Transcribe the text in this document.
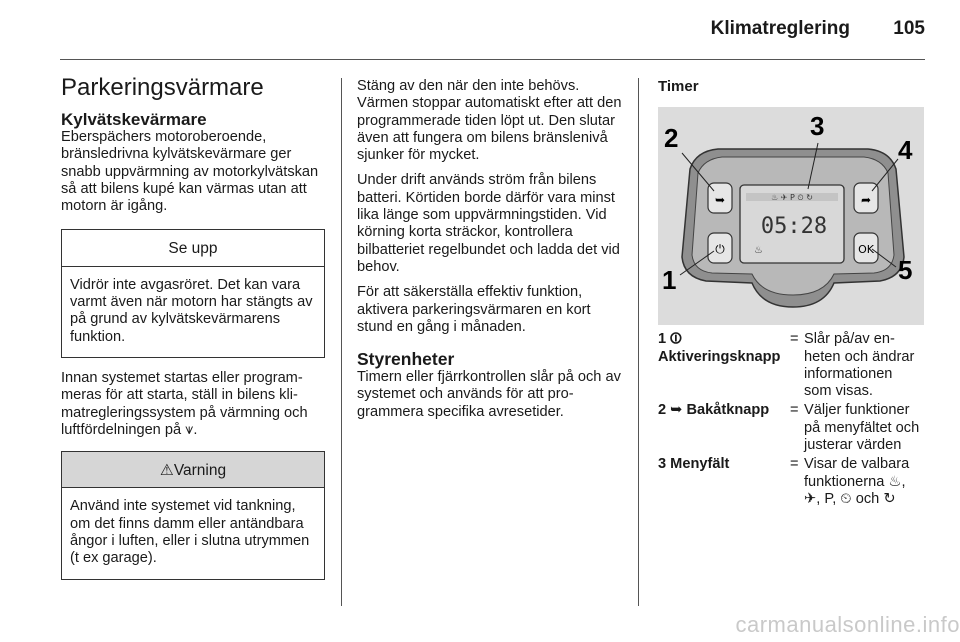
Klimatreglering	105
Parkeringsvärmare
Kylvätskevärmare

Eberspächers motoroberoende, bränsledrivna kylvätskevärmare ger snabb uppvärmning av motorkylvätskan så att bilens kupé kan värmas utan att motorn är igång.

Se upp
Vidrör inte avgasröret. Det kan vara varmt även när motorn har stängts av på grund av kylvätskevärmarens funktion.

Innan systemet startas eller programmeras för att starta, ställ in bilens klimatregleringssystem på värmning och luftfördelningen på ⩛.

⚠Varning
Använd inte systemet vid tankning, om det finns damm eller antändbara ångor i luften, eller i slutna utrymmen (t ex garage).

Stäng av den när den inte behövs. Värmen stoppar automatiskt efter att den programmerade tiden löpt ut. Den slutar även att fungera om bilens bränslenivå sjunker för mycket.

Under drift används ström från bilens batteri. Körtiden borde därför vara minst lika länge som uppvärmningstiden. Vid körning korta sträckor, kontrollera bilbatteriet regelbundet och ladda det vid behov.

För att säkerställa effektiv funktion, aktivera parkeringsvärmaren en kort stund en gång i månaden.

Styrenheter

Timern eller fjärrkontrollen slår på och av systemet och används för att programmera specifika avresetider.

Timer
♨ ✈ P ⏲ ↻
05:28
♨
➥
⏻
➦
OK
1
2	3
4
5
1 ⏼ Aktiveringsknapp
= Slår på/av enheten och ändrar informationen som visas.
2 ➥ Bakåtknapp	= Väljer funktioner på menyfältet och justerar värden
3 Menyfält	= Visar de valbara funktionerna ♨, ✈, P, ⏲ och ↻
carmanualsonline.info
